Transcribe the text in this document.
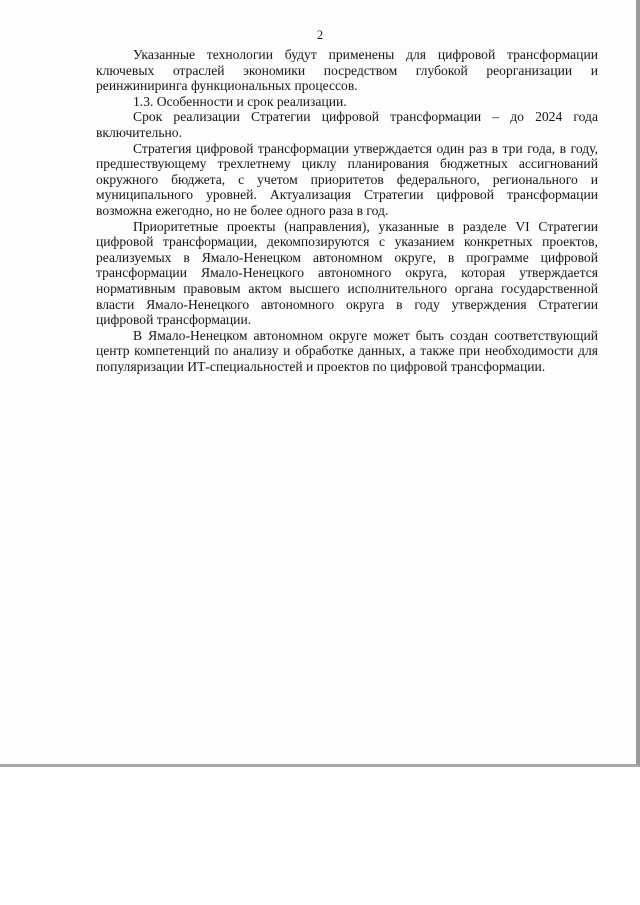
2

Указанные технологии будут применены для цифровой трансформации ключевых отраслей экономики посредством глубокой реорганизации и реинжиниринга функциональных процессов.

1.3. Особенности и срок реализации.

Срок реализации Стратегии цифровой трансформации – до 2024 года включительно.

Стратегия цифровой трансформации утверждается один раз в три года, в году, предшествующему трехлетнему циклу планирования бюджетных ассигнований окружного бюджета, с учетом приоритетов федерального, регионального и муниципального уровней. Актуализация Стратегии цифровой трансформации возможна ежегодно, но не более одного раза в год.

Приоритетные проекты (направления), указанные в разделе VI Стратегии цифровой трансформации, декомпозируются с указанием конкретных проектов, реализуемых в Ямало-Ненецком автономном округе, в программе цифровой трансформации Ямало-Ненецкого автономного округа, которая утверждается нормативным правовым актом высшего исполнительного органа государственной власти Ямало-Ненецкого автономного округа в году утверждения Стратегии цифровой трансформации.

В Ямало-Ненецком автономном округе может быть создан соответствующий центр компетенций по анализу и обработке данных, а также при необходимости для популяризации ИТ-специальностей и проектов по цифровой трансформации.
